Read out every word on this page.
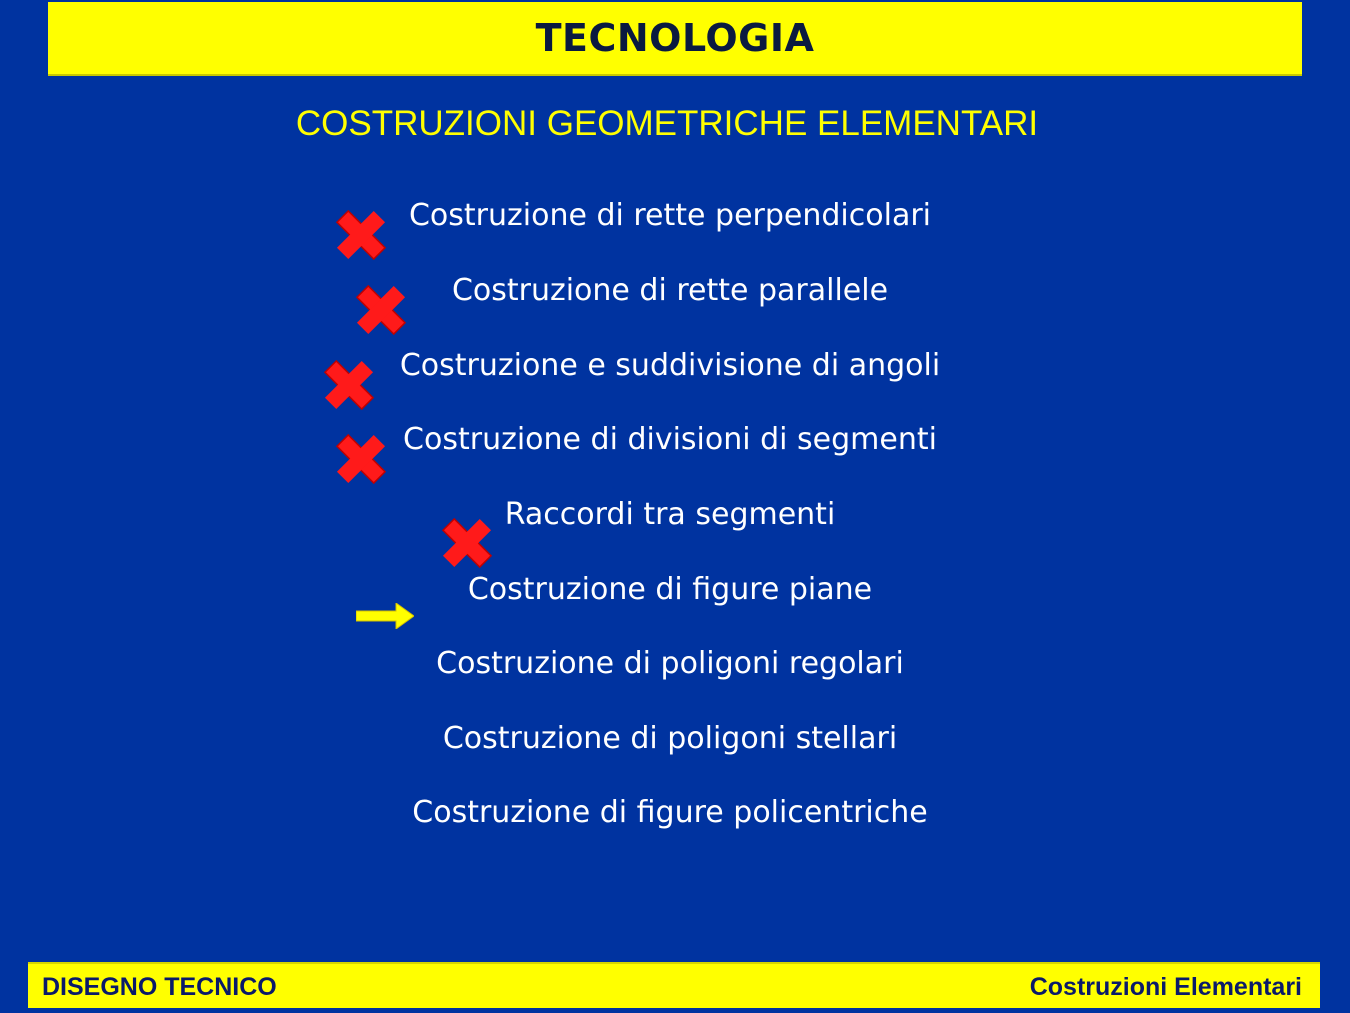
TECNOLOGIA
COSTRUZIONI GEOMETRICHE ELEMENTARI
Costruzione di rette perpendicolari
Costruzione di rette parallele
Costruzione e suddivisione di angoli
Costruzione di divisioni di segmenti
Raccordi tra segmenti
Costruzione di figure piane
Costruzione di poligoni regolari
Costruzione di poligoni stellari
Costruzione di figure policentriche
DISEGNO TECNICO	Costruzioni Elementari
